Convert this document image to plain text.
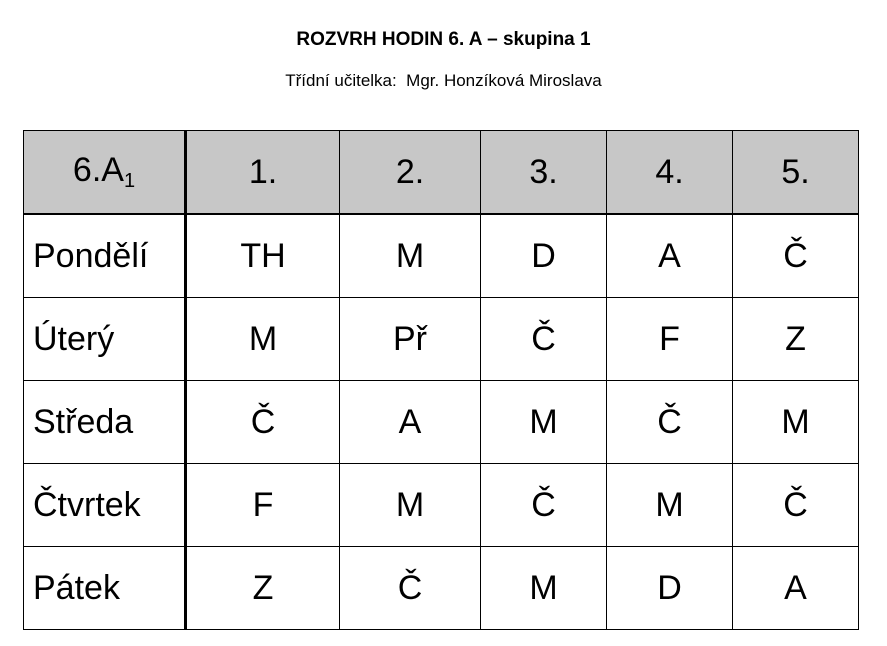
ROZVRH HODIN 6. A – skupina 1
Třídní učitelka:  Mgr. Honzíková Miroslava
$6.A_1$	1.	2.	3.	4.	5.
Pondělí	TH	M	D	A	Č
Úterý	M	Př	Č	F	Z
Středa	Č	A	M	Č	M
Čtvrtek	F	M	Č	M	Č
Pátek	Z	Č	M	D	A
